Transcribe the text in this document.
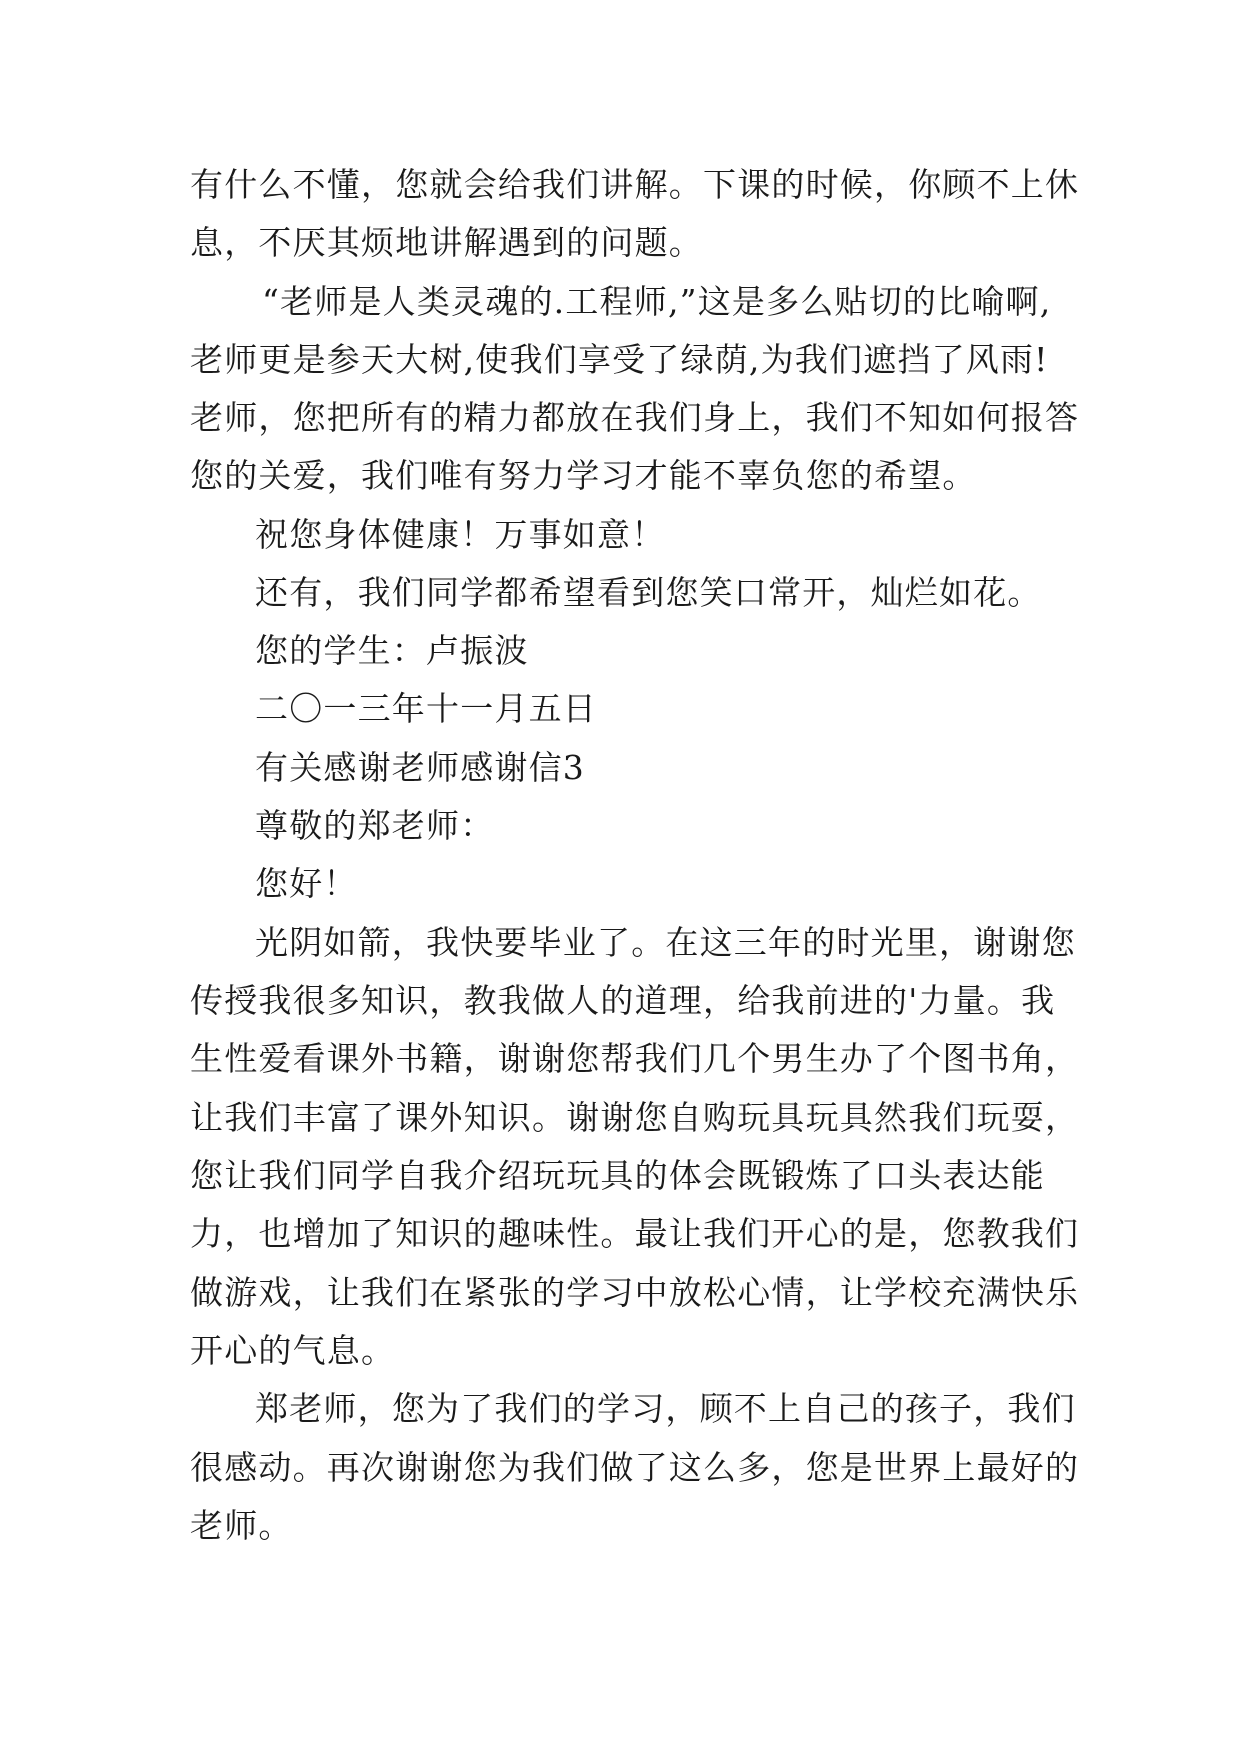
有什么不懂，您就会给我们讲解。下课的时候，你顾不上休
息，不厌其烦地讲解遇到的问题。
“老师是人类灵魂的.工程师,”这是多么贴切的比喻啊,
老师更是参天大树,使我们享受了绿荫,为我们遮挡了风雨!
老师，您把所有的精力都放在我们身上，我们不知如何报答
您的关爱，我们唯有努力学习才能不辜负您的希望。
祝您身体健康！万事如意！
还有，我们同学都希望看到您笑口常开，灿烂如花。
您的学生：卢振波
二〇一三年十一月五日
有关感谢老师感谢信3
尊敬的郑老师：
您好！
光阴如箭，我快要毕业了。在这三年的时光里，谢谢您
传授我很多知识，教我做人的道理，给我前进的'力量。我
生性爱看课外书籍，谢谢您帮我们几个男生办了个图书角，
让我们丰富了课外知识。谢谢您自购玩具玩具然我们玩耍，
您让我们同学自我介绍玩玩具的体会既锻炼了口头表达能
力，也增加了知识的趣味性。最让我们开心的是，您教我们
做游戏，让我们在紧张的学习中放松心情，让学校充满快乐
开心的气息。
郑老师，您为了我们的学习，顾不上自己的孩子，我们
很感动。再次谢谢您为我们做了这么多，您是世界上最好的
老师。
